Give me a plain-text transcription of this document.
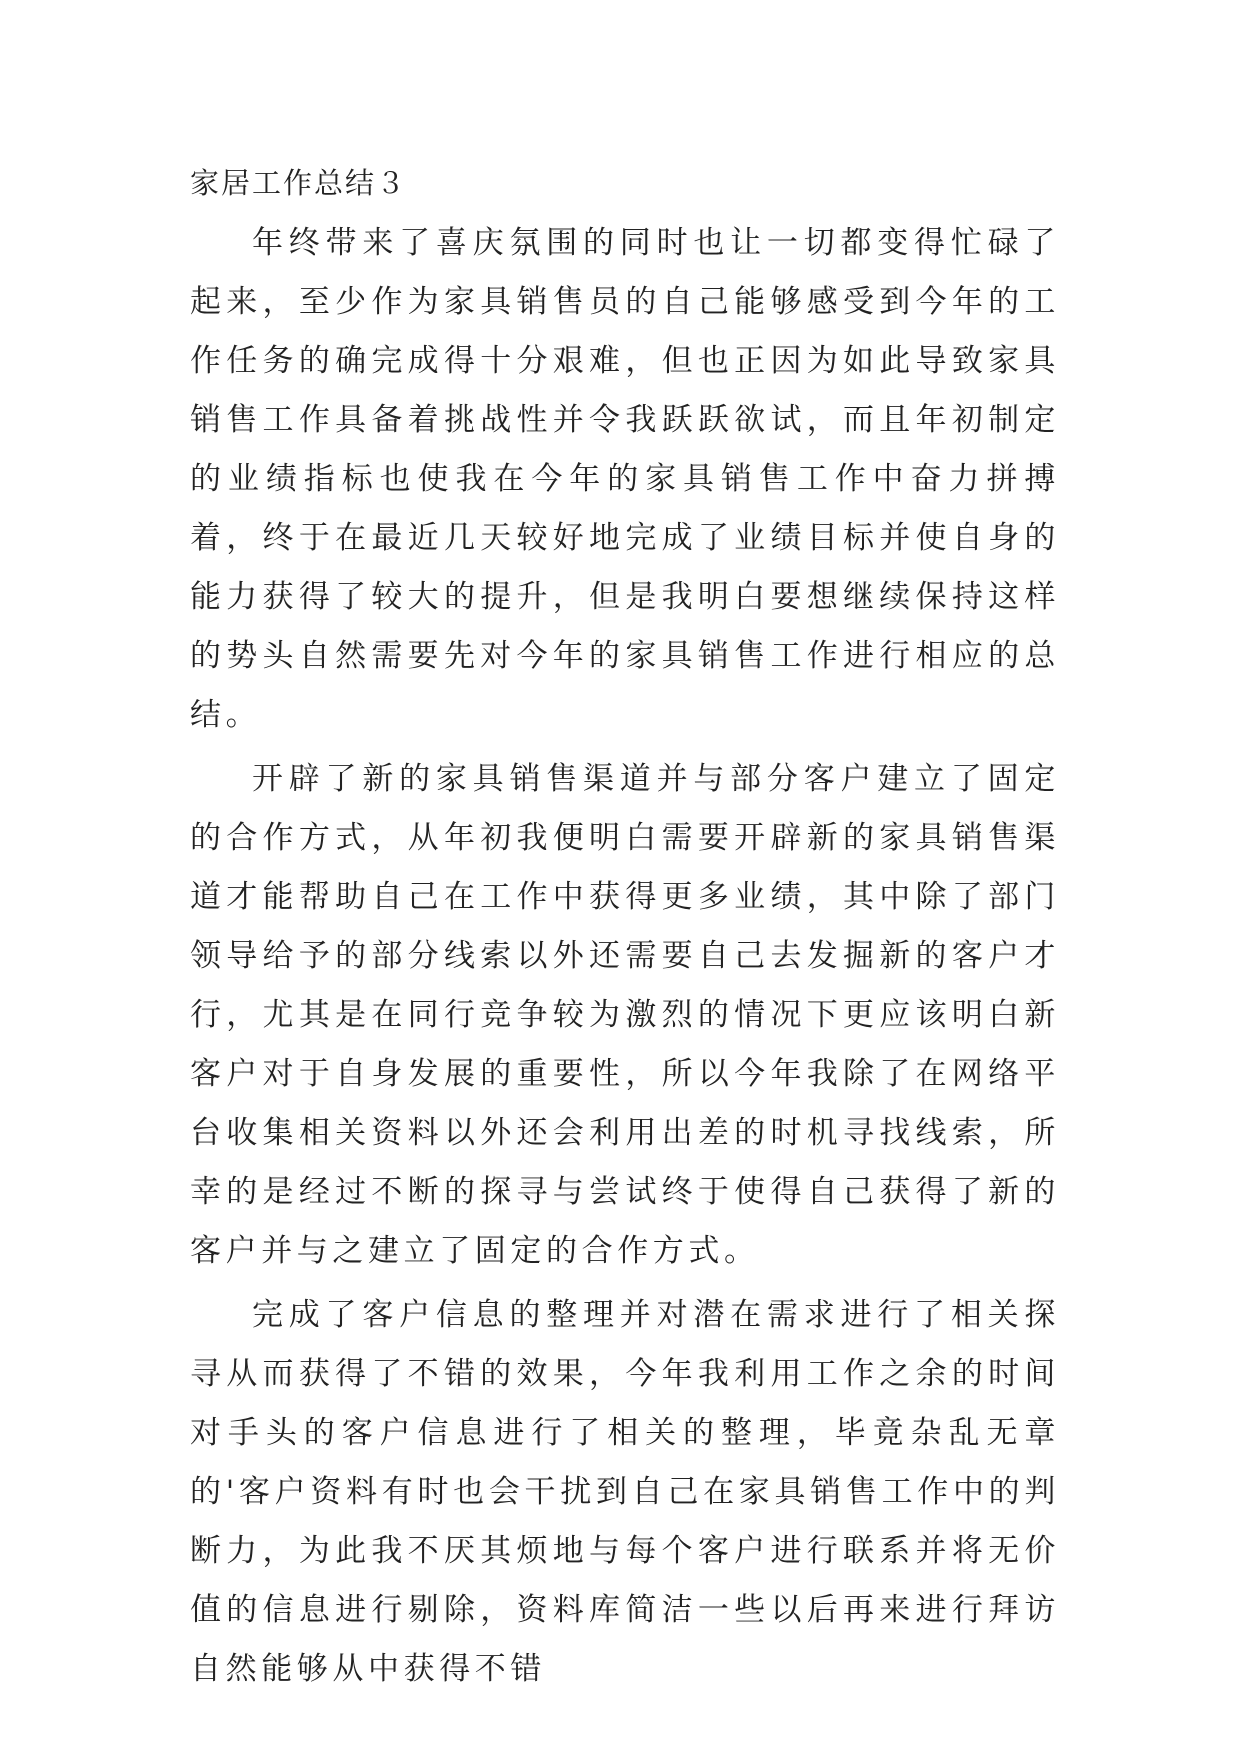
家居工作总结３

年终带来了喜庆氛围的同时也让一切都变得忙碌了起来，至少作为家具销售员的自己能够感受到今年的工作任务的确完成得十分艰难，但也正因为如此导致家具销售工作具备着挑战性并令我跃跃欲试，而且年初制定的业绩指标也使我在今年的家具销售工作中奋力拼搏着，终于在最近几天较好地完成了业绩目标并使自身的能力获得了较大的提升，但是我明白要想继续保持这样的势头自然需要先对今年的家具销售工作进行相应的总结。

开辟了新的家具销售渠道并与部分客户建立了固定的合作方式，从年初我便明白需要开辟新的家具销售渠道才能帮助自己在工作中获得更多业绩，其中除了部门领导给予的部分线索以外还需要自己去发掘新的客户才行，尤其是在同行竞争较为激烈的情况下更应该明白新客户对于自身发展的重要性，所以今年我除了在网络平台收集相关资料以外还会利用出差的时机寻找线索，所幸的是经过不断的探寻与尝试终于使得自己获得了新的客户并与之建立了固定的合作方式。

完成了客户信息的整理并对潜在需求进行了相关探寻从而获得了不错的效果，今年我利用工作之余的时间对手头的客户信息进行了相关的整理，毕竟杂乱无章的'客户资料有时也会干扰到自己在家具销售工作中的判断力，为此我不厌其烦地与每个客户进行联系并将无价值的信息进行剔除，资料库简洁一些以后再来进行拜访自然能够从中获得不错
